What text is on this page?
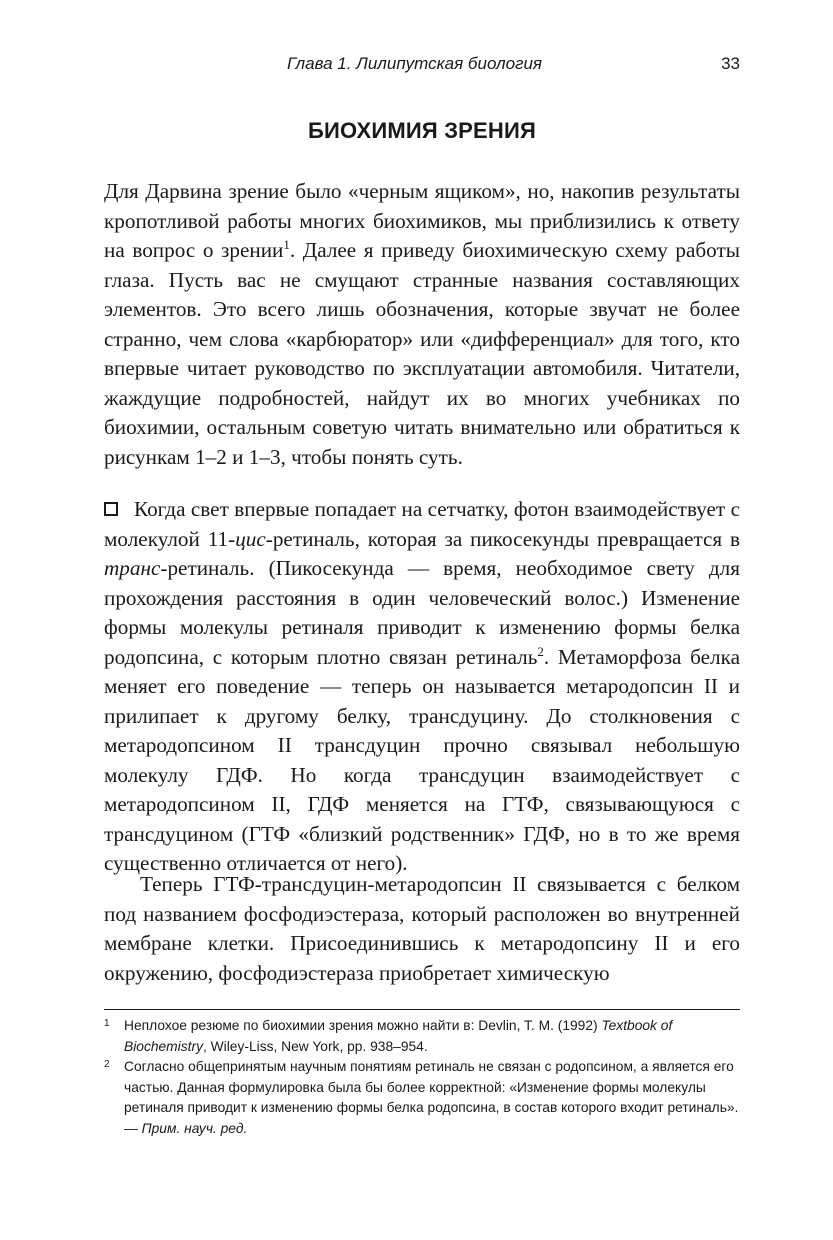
Глава 1. Лилипутская биология	33
БИОХИМИЯ ЗРЕНИЯ

Для Дарвина зрение было «черным ящиком», но, накопив результаты кропотливой работы многих биохимиков, мы приблизились к ответу на вопрос о зрении$^1$. Далее я приведу биохимическую схему работы глаза. Пусть вас не смущают странные названия составляющих элементов. Это всего лишь обозначения, которые звучат не более странно, чем слова «карбюратор» или «дифференциал» для того, кто впервые читает руководство по эксплуатации автомобиля. Читатели, жаждущие подробностей, найдут их во многих учебниках по биохимии, остальным советую читать внимательно или обратиться к рисункам 1–2 и 1–3, чтобы понять суть.

Когда свет впервые попадает на сетчатку, фотон взаимодействует с молекулой 11-цис-ретиналь, которая за пикосекунды превращается в транс-ретиналь. (Пикосекунда — время, необходимое свету для прохождения расстояния в один человеческий волос.) Изменение формы молекулы ретиналя приводит к изменению формы белка родопсина, с которым плотно связан ретиналь$^2$. Метаморфоза белка меняет его поведение — теперь он называется метародопсин II и прилипает к другому белку, трансдуцину. До столкновения с метародопсином II трансдуцин прочно связывал небольшую молекулу ГДФ. Но когда трансдуцин взаимодействует с метародопсином II, ГДФ меняется на ГТФ, связывающуюся с трансдуцином (ГТФ «близкий родственник» ГДФ, но в то же время существенно отличается от него).

Теперь ГТФ-трансдуцин-метародопсин II связывается с белком под названием фосфодиэстераза, который расположен во внутренней мембране клетки. Присоединившись к метародопсину II и его окружению, фосфодиэстераза приобретает химическую

1 Неплохое резюме по биохимии зрения можно найти в: Devlin, T. M. (1992) Textbook of Biochemistry, Wiley-Liss, New York, pp. 938–954.

2 Согласно общепринятым научным понятиям ретиналь не связан с родопсином, а является его частью. Данная формулировка была бы более корректной: «Изменение формы молекулы ретиналя приводит к изменению формы белка родопсина, в состав которого входит ретиналь». — Прим. науч. ред.
